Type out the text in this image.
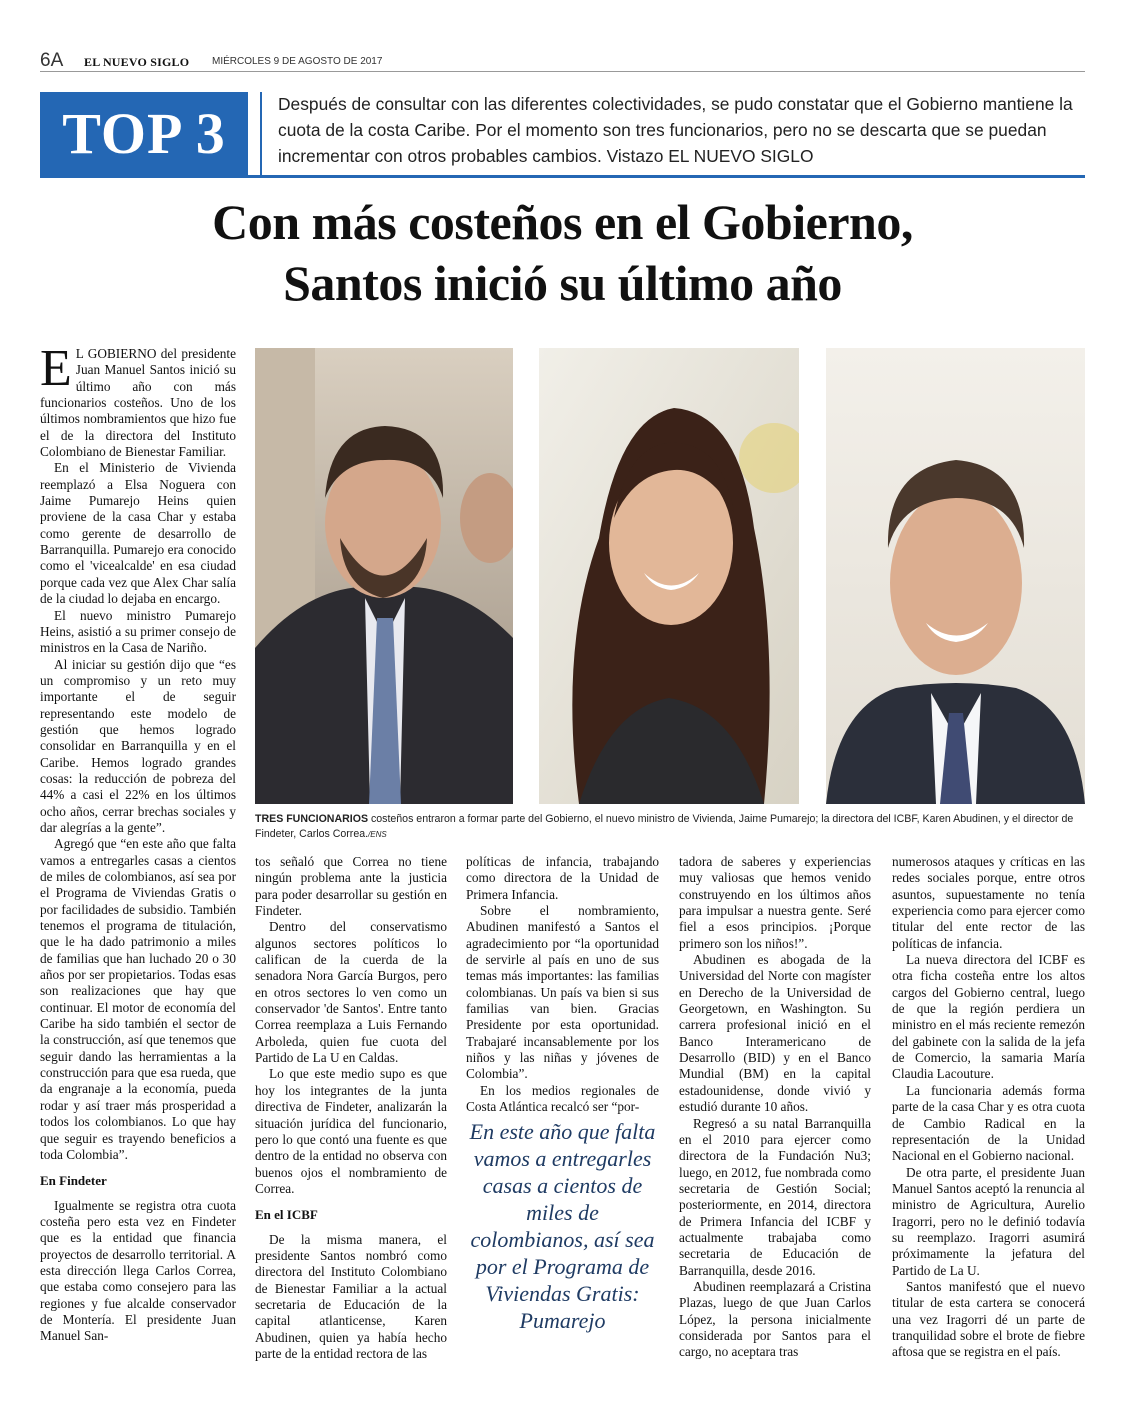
6A EL NUEVO SIGLO MIÉRCOLES 9 DE AGOSTO DE 2017
TOP 3	Después de consultar con las diferentes colectividades, se pudo constatar que el Gobierno mantiene la cuota de la costa Caribe. Por el momento son tres funcionarios, pero no se descarta que se puedan incrementar con otros probables cambios. Vistazo EL NUEVO SIGLO
Con más costeños en el Gobierno,
Santos inició su último año
TRES FUNCIONARIOS costeños entraron a formar parte del Gobierno, el nuevo ministro de Vivienda, Jaime Pumarejo; la directora del ICBF, Karen Abudinen, y el director de Findeter, Carlos Correa./ENS

E L GOBIERNO del presidente Juan Manuel Santos inició su último año con más funcionarios costeños. Uno de los últimos nombramientos que hizo fue el de la directora del Instituto Colombiano de Bienestar Familiar.

En el Ministerio de Vivienda reemplazó a Elsa Noguera con Jaime Pumarejo Heins quien proviene de la casa Char y estaba como gerente de desarrollo de Barranquilla. Pumarejo era conocido como el 'vicealcalde' en esa ciudad porque cada vez que Alex Char salía de la ciudad lo dejaba en encargo.

El nuevo ministro Pumarejo Heins, asistió a su primer consejo de ministros en la Casa de Nariño.

Al iniciar su gestión dijo que “es un compromiso y un reto muy importante el de seguir representando este modelo de gestión que hemos logrado consolidar en Barranquilla y en el Caribe. Hemos logrado grandes cosas: la reducción de pobreza del 44% a casi el 22% en los últimos ocho años, cerrar brechas sociales y dar alegrías a la gente”.

Agregó que “en este año que falta vamos a entregarles casas a cientos de miles de colombianos, así sea por el Programa de Viviendas Gratis o por facilidades de subsidio. También tenemos el programa de titulación, que le ha dado patrimonio a miles de familias que han luchado 20 o 30 años por ser propietarios. Todas esas son realizaciones que hay que continuar. El motor de economía del Caribe ha sido también el sector de la construcción, así que tenemos que seguir dando las herramientas a la construcción para que esa rueda, que da engranaje a la economía, pueda rodar y así traer más prosperidad a todos los colombianos. Lo que hay que seguir es trayendo beneficios a toda Colombia”.

En Findeter

Igualmente se registra otra cuota costeña pero esta vez en Findeter que es la entidad que financia proyectos de desarrollo territorial. A esta dirección llega Carlos Correa, que estaba como consejero para las regiones y fue alcalde conservador de Montería. El presidente Juan Manuel San-

tos señaló que Correa no tiene ningún problema ante la justicia para poder desarrollar su gestión en Findeter.

Dentro del conservatismo algunos sectores políticos lo califican de la cuerda de la senadora Nora García Burgos, pero en otros sectores lo ven como un conservador 'de Santos'. Entre tanto Correa reemplaza a Luis Fernando Arboleda, quien fue cuota del Partido de La U en Caldas.

Lo que este medio supo es que hoy los integrantes de la junta directiva de Findeter, analizarán la situación jurídica del funcionario, pero lo que contó una fuente es que dentro de la entidad no observa con buenos ojos el nombramiento de Correa.

En el ICBF

De la misma manera, el presidente Santos nombró como directora del Instituto Colombiano de Bienestar Familiar a la actual secretaria de Educación de la capital atlanticense, Karen Abudinen, quien ya había hecho parte de la entidad rectora de las

políticas de infancia, trabajando como directora de la Unidad de Primera Infancia.

Sobre el nombramiento, Abudinen manifestó a Santos el agradecimiento por “la oportunidad de servirle al país en uno de sus temas más importantes: las familias colombianas. Un país va bien si sus familias van bien. Gracias Presidente por esta oportunidad. Trabajaré incansablemente por los niños y las niñas y jóvenes de Colombia”.

En los medios regionales de Costa Atlántica recalcó ser “por-

En este año que falta vamos a entregarles casas a cientos de miles de colombianos, así sea por el Programa de Viviendas Gratis: Pumarejo

tadora de saberes y experiencias muy valiosas que hemos venido construyendo en los últimos años para impulsar a nuestra gente. Seré fiel a esos principios. ¡Porque primero son los niños!”.

Abudinen es abogada de la Universidad del Norte con magíster en Derecho de la Universidad de Georgetown, en Washington. Su carrera profesional inició en el Banco Interamericano de Desarrollo (BID) y en el Banco Mundial (BM) en la capital estadounidense, donde vivió y estudió durante 10 años.

Regresó a su natal Barranquilla en el 2010 para ejercer como directora de la Fundación Nu3; luego, en 2012, fue nombrada como secretaria de Gestión Social; posteriormente, en 2014, directora de Primera Infancia del ICBF y actualmente trabajaba como secretaria de Educación de Barranquilla, desde 2016.

Abudinen reemplazará a Cristina Plazas, luego de que Juan Carlos López, la persona inicialmente considerada por Santos para el cargo, no aceptara tras

numerosos ataques y críticas en las redes sociales porque, entre otros asuntos, supuestamente no tenía experiencia como para ejercer como titular del ente rector de las políticas de infancia.

La nueva directora del ICBF es otra ficha costeña entre los altos cargos del Gobierno central, luego de que la región perdiera un ministro en el más reciente remezón del gabinete con la salida de la jefa de Comercio, la samaria María Claudia Lacouture.

La funcionaria además forma parte de la casa Char y es otra cuota de Cambio Radical en la representación de la Unidad Nacional en el Gobierno nacional.

De otra parte, el presidente Juan Manuel Santos aceptó la renuncia al ministro de Agricultura, Aurelio Iragorri, pero no le definió todavía su reemplazo. Iragorri asumirá próximamente la jefatura del Partido de La U.

Santos manifestó que el nuevo titular de esta cartera se conocerá una vez Iragorri dé un parte de tranquilidad sobre el brote de fiebre aftosa que se registra en el país.
